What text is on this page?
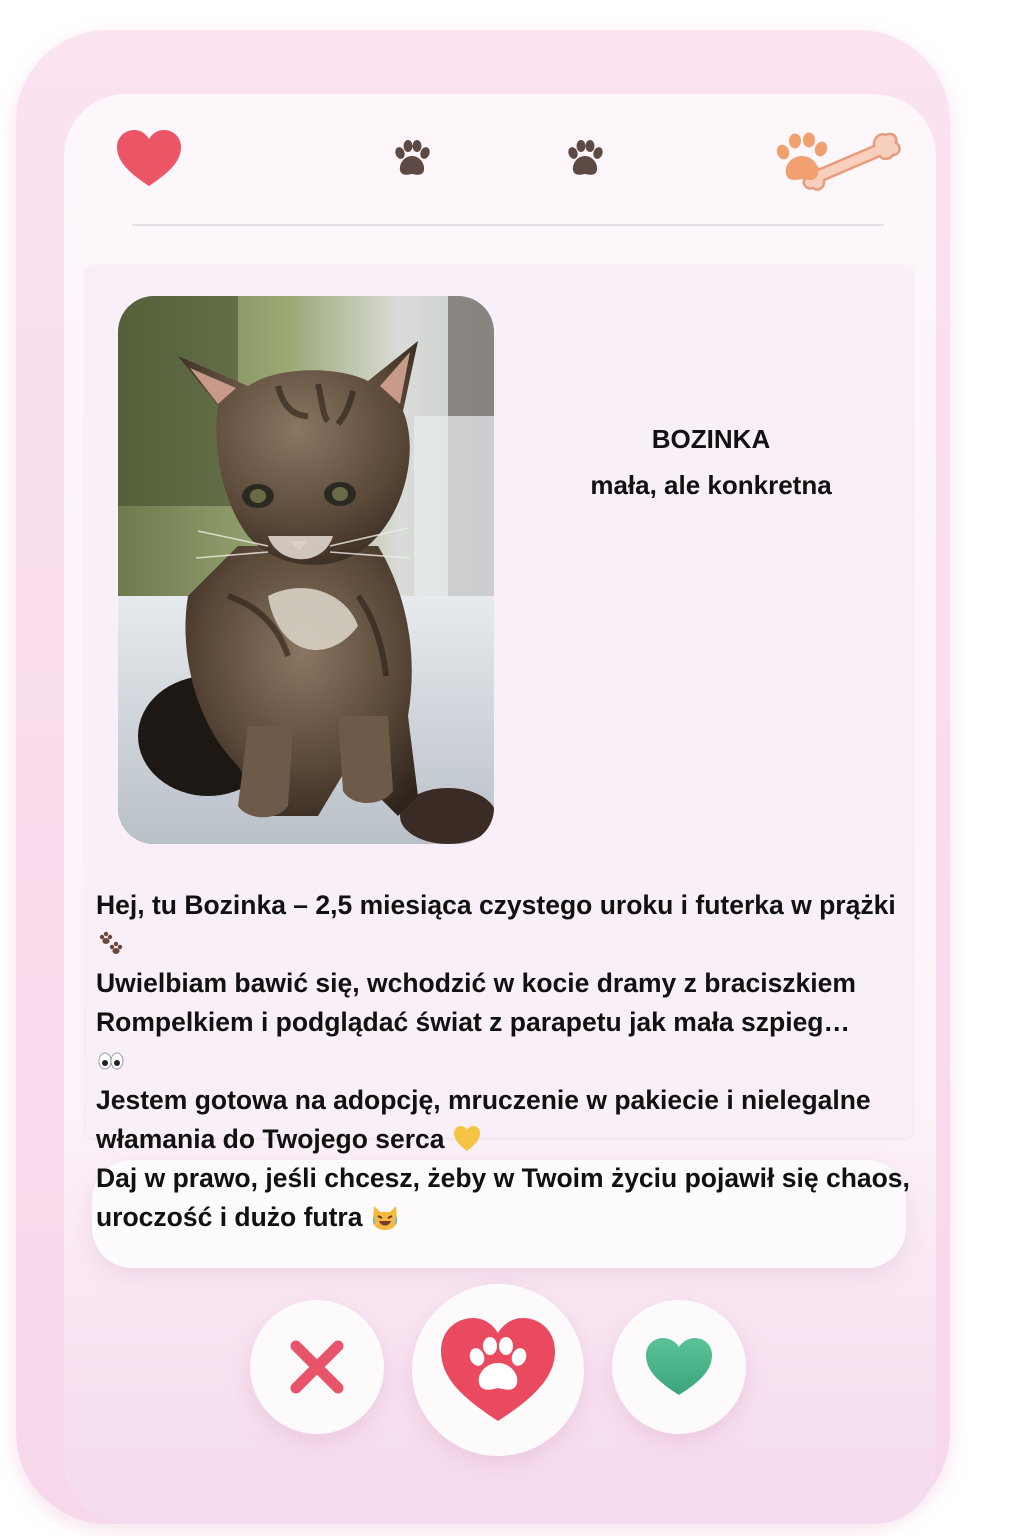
BOZINKA
mała, ale konkretna

Hej, tu Bozinka – 2,5 miesiąca czystego uroku i futerka w prążki

Uwielbiam bawić się, wchodzić w kocie dramy z braciszkiem Rompelkiem i podglądać świat z parapetu jak mała szpieg…

Jestem gotowa na adopcję, mruczenie w pakiecie i nielegalne włamania do Twojego serca

Daj w prawo, jeśli chcesz, żeby w Twoim życiu pojawił się chaos, uroczość i dużo futra
